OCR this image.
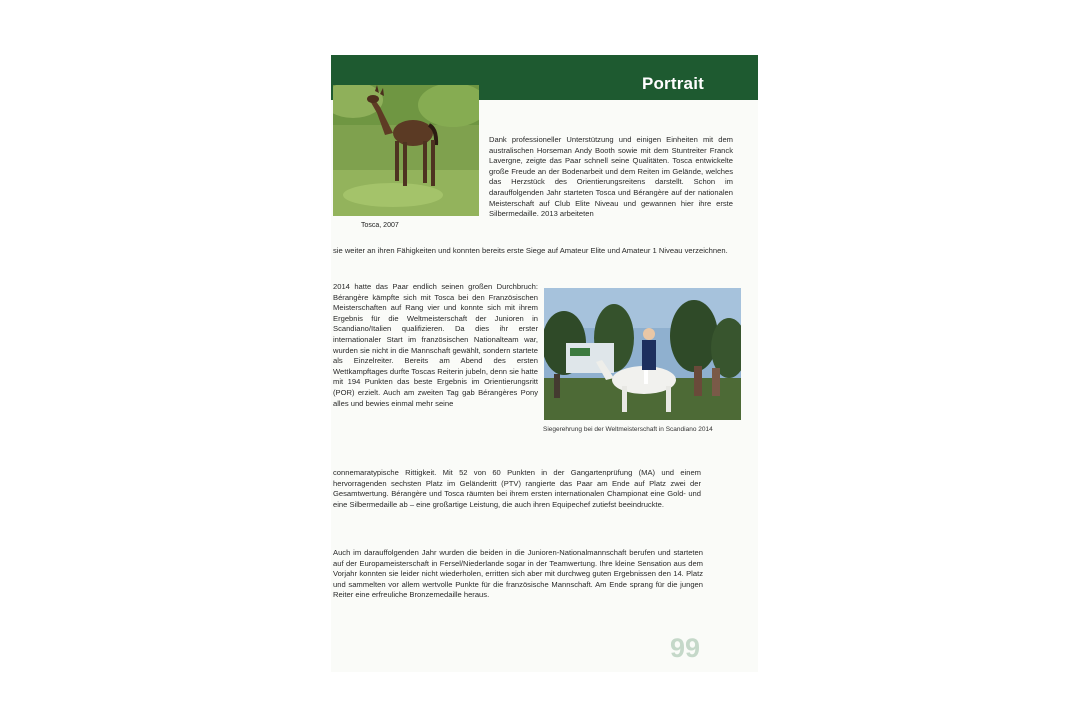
Portrait
Tosca, 2007
Dank professioneller Unterstützung und einigen Einheiten mit dem australischen Horseman Andy Booth sowie mit dem Stuntreiter Franck Lavergne, zeigte das Paar schnell seine Qualitäten. Tosca entwickelte große Freude an der Bodenarbeit und dem Reiten im Gelände, welches das Herzstück des Orientierungsreitens darstellt. Schon im darauffolgenden Jahr starteten Tosca und Bérangère auf der nationalen Meisterschaft auf Club Elite Niveau und gewannen hier ihre erste Silbermedaille. 2013 arbeiteten
sie weiter an ihren Fähigkeiten und konnten bereits erste Siege auf Amateur Elite und Amateur 1 Niveau verzeichnen.
2014 hatte das Paar endlich seinen großen Durchbruch: Bérangère kämpfte sich mit Tosca bei den Französischen Meisterschaften auf Rang vier und konnte sich mit ihrem Ergebnis für die Weltmeisterschaft der Junioren in Scandiano/Italien qualifizieren. Da dies ihr erster internationaler Start im französischen Nationalteam war, wurden sie nicht in die Mannschaft gewählt, sondern startete als Einzelreiter. Bereits am Abend des ersten Wettkampftages durfte Toscas Reiterin jubeln, denn sie hatte mit 194 Punkten das beste Ergebnis im Orientierungsritt (POR) erzielt. Auch am zweiten Tag gab Bérangères Pony alles und bewies einmal mehr seine
Siegerehrung bei der Weltmeisterschaft in Scandiano 2014
connemaratypische Rittigkeit. Mit 52 von 60 Punkten in der Gangartenprüfung (MA) und einem hervorragenden sechsten Platz im Geländeritt (PTV) rangierte das Paar am Ende auf Platz zwei der Gesamtwertung. Bérangère und Tosca räumten bei ihrem ersten internationalen Championat eine Gold- und eine Silbermedaille ab – eine großartige Leistung, die auch ihren Equipechef zutiefst beeindruckte.
Auch im darauffolgenden Jahr wurden die beiden in die Junioren-Nationalmannschaft berufen und starteten auf der Europameisterschaft in Fersel/Niederlande sogar in der Teamwertung. Ihre kleine Sensation aus dem Vorjahr konnten sie leider nicht wiederholen, erritten sich aber mit durchweg guten Ergebnissen den 14. Platz und sammelten vor allem wertvolle Punkte für die französische Mannschaft. Am Ende sprang für die jungen Reiter eine erfreuliche Bronzemedaille heraus.
99
